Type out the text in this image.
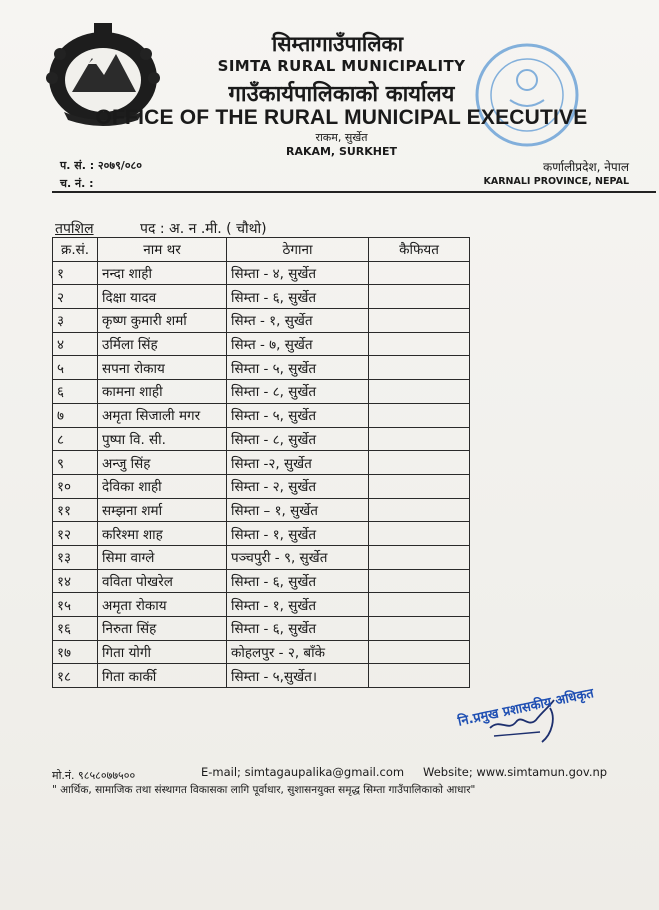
सिम्तागाउँपालिका
SIMTA RURAL MUNICIPALITY
गाउँकार्यपालिकाको कार्यालय
OFFICE OF THE RURAL MUNICIPAL EXECUTIVE
राकम, सुर्खेत
RAKAM, SURKHET
प. सं. : २०७९/०८०
च. नं. :
कर्णालीप्रदेश, नेपाल
KARNALI PROVINCE, NEPAL
तपशिल	पद : अ. न .मी. ( चौथो)
क्र.सं.	नाम थर	ठेगाना	कैफियत
१	नन्दा शाही	सिम्ता - ४, सुर्खेत	
२	दिक्षा यादव	सिम्ता - ६, सुर्खेत	
३	कृष्ण कुमारी शर्मा	सिम्त - १, सुर्खेत	
४	उर्मिला सिंह	सिम्त - ७, सुर्खेत	
५	सपना रोकाय	सिम्ता - ५, सुर्खेत	
६	कामना शाही	सिम्ता - ८, सुर्खेत	
७	अमृता सिजाली मगर	सिम्ता - ५, सुर्खेत	
८	पुष्पा वि. सी.	सिम्ता - ८, सुर्खेत	
९	अन्जु सिंह	सिम्ता -२, सुर्खेत	
१०	देविका शाही	सिम्ता - २, सुर्खेत	
११	सम्झना शर्मा	सिम्ता – १, सुर्खेत	
१२	करिश्मा शाह	सिम्ता - १, सुर्खेत	
१३	सिमा वाग्ले	पञ्चपुरी - ९, सुर्खेत	
१४	वविता पोखरेल	सिम्ता - ६, सुर्खेत	
१५	अमृता रोकाय	सिम्ता - १, सुर्खेत	
१६	निरुता सिंह	सिम्ता - ६, सुर्खेत	
१७	गिता योगी	कोहलपुर - २, बाँके	
१८	गिता कार्की	सिम्ता - ५,सुर्खेत।	
नि.प्रमुख प्रशासकीय अधिकृत
मो.नं. ९८५८०७७५००	E-mail; simtagaupalika@gmail.com Website; www.simtamun.gov.np
" आर्थिक, सामाजिक तथा संस्थागत विकासका लागि पूर्वाधार, सुशासनयुक्त समृद्ध सिम्ता गाउँपालिकाको आधार"
